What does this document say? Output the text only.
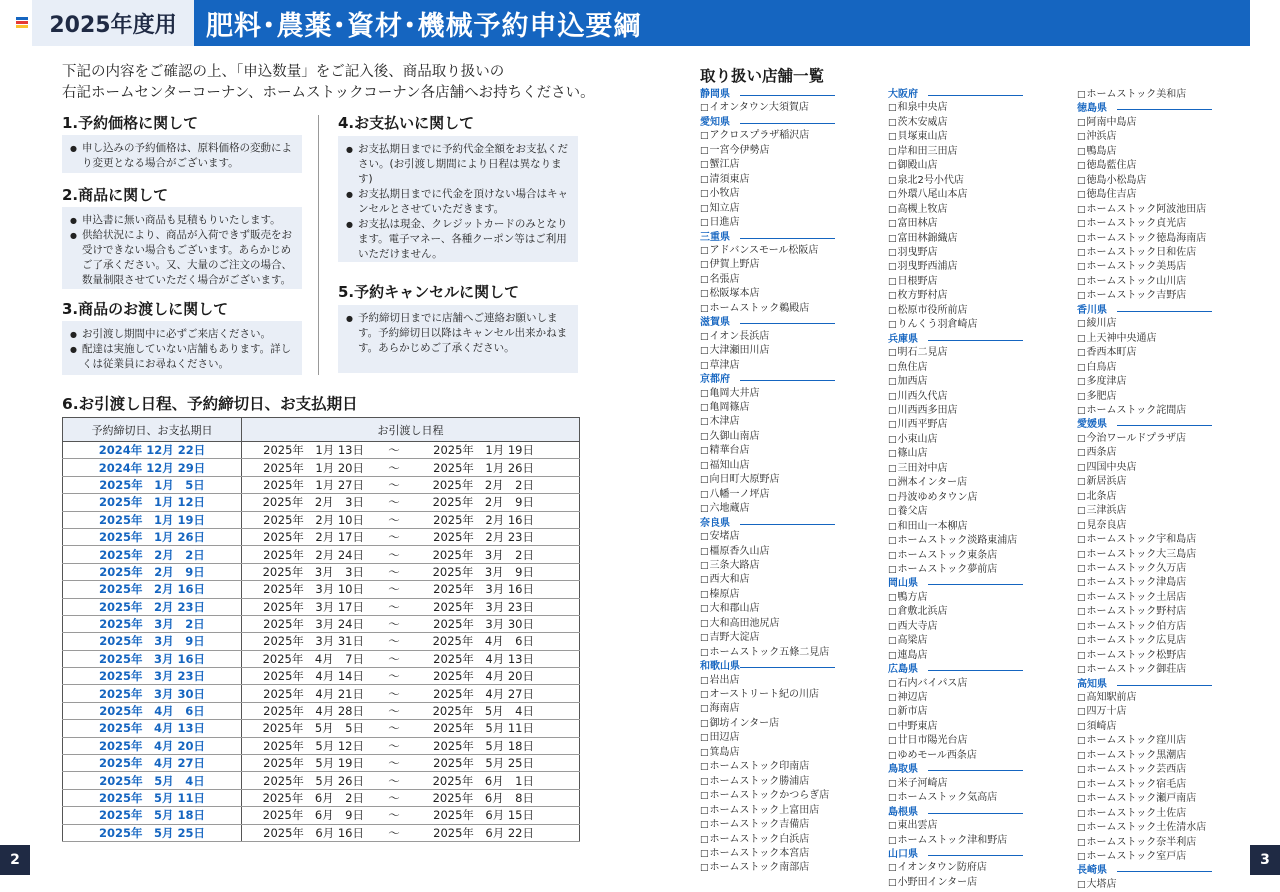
2025年度用	肥料･農薬･資材･機械予約申込要綱
下記の内容をご確認の上、「申込数量」をご記入後、商品取り扱いの
右記ホームセンターコーナン、ホームストックコーナン各店舗へお持ちください。
1.予約価格に関して
● 申し込みの予約価格は、原料価格の変動により変更となる場合がございます。
2.商品に関して
● 申込書に無い商品も見積もりいたします。
● 供給状況により、商品が入荷できず販売をお受けできない場合もございます。あらかじめご了承ください。又、大量のご注文の場合、数量制限させていただく場合がございます。
3.商品のお渡しに関して
● お引渡し期間中に必ずご来店ください。
● 配達は実施していない店舗もあります。詳しくは従業員にお尋ねください。
4.お支払いに関して
● お支払期日までに予約代金全額をお支払ください。(お引渡し期間により日程は異なります)
● お支払期日までに代金を頂けない場合はキャンセルとさせていただきます。
● お支払は現金、クレジットカードのみとなります。電子マネー、各種クーポン等はご利用いただけません。
5.予約キャンセルに関して
● 予約締切日までに店舗へご連絡お願いします。予約締切日以降はキャンセル出来かねます。あらかじめご了承ください。
6.お引渡し日程、予約締切日、お支払期日
予約締切日、お支払期日	お引渡し日程
2024年 12月 22日	2025年　1月 13日 〜 2025年　1月 19日

2024年 12月 29日	2025年　1月 20日 〜 2025年　1月 26日

2025年　1月　5日	2025年　1月 27日 〜 2025年　2月　2日

2025年　1月 12日	2025年　2月　3日 〜 2025年　2月　9日

2025年　1月 19日	2025年　2月 10日 〜 2025年　2月 16日

2025年　1月 26日	2025年　2月 17日 〜 2025年　2月 23日

2025年　2月　2日	2025年　2月 24日 〜 2025年　3月　2日

2025年　2月　9日	2025年　3月　3日 〜 2025年　3月　9日

2025年　2月 16日	2025年　3月 10日 〜 2025年　3月 16日

2025年　2月 23日	2025年　3月 17日 〜 2025年　3月 23日

2025年　3月　2日	2025年　3月 24日 〜 2025年　3月 30日

2025年　3月　9日	2025年　3月 31日 〜 2025年　4月　6日

2025年　3月 16日	2025年　4月　7日 〜 2025年　4月 13日

2025年　3月 23日	2025年　4月 14日 〜 2025年　4月 20日

2025年　3月 30日	2025年　4月 21日 〜 2025年　4月 27日

2025年　4月　6日	2025年　4月 28日 〜 2025年　5月　4日

2025年　4月 13日	2025年　5月　5日 〜 2025年　5月 11日

2025年　4月 20日	2025年　5月 12日 〜 2025年　5月 18日

2025年　4月 27日	2025年　5月 19日 〜 2025年　5月 25日

2025年　5月　4日	2025年　5月 26日 〜 2025年　6月　1日

2025年　5月 11日	2025年　6月　2日 〜 2025年　6月　8日

2025年　5月 18日	2025年　6月　9日 〜 2025年　6月 15日

2025年　5月 25日	2025年　6月 16日 〜 2025年　6月 22日
取り扱い店舗一覧
静岡県
□ イオンタウン大須賀店
愛知県
□ アクロスプラザ稲沢店
□ 一宮今伊勢店
□ 蟹江店
□ 清須東店
□ 小牧店
□ 知立店
□ 日進店
三重県
□ アドバンスモール松阪店
□ 伊賀上野店
□ 名張店
□ 松阪塚本店
□ ホームストック鵜殿店
滋賀県
□ イオン長浜店
□ 大津瀬田川店
□ 草津店
京都府
□ 亀岡大井店
□ 亀岡篠店
□ 木津店
□ 久御山南店
□ 精華台店
□ 福知山店
□ 向日町大原野店
□ 八幡一ノ坪店
□ 六地蔵店
奈良県
□ 安堵店
□ 橿原香久山店
□ 三条大路店
□ 西大和店
□ 榛原店
□ 大和郡山店
□ 大和高田池尻店
□ 吉野大淀店
□ ホームストック五條二見店
和歌山県
□ 岩出店
□ オーストリート紀の川店
□ 海南店
□ 御坊インター店
□ 田辺店
□ 箕島店
□ ホームストック印南店
□ ホームストック勝浦店
□ ホームストックかつらぎ店
□ ホームストック上富田店
□ ホームストック吉備店
□ ホームストック白浜店
□ ホームストック本宮店
□ ホームストック南部店
大阪府
□ 和泉中央店
□ 茨木安威店
□ 貝塚東山店
□ 岸和田三田店
□ 御殿山店
□ 泉北2号小代店
□ 外環八尾山本店
□ 高槻上牧店
□ 富田林店
□ 富田林錦織店
□ 羽曳野店
□ 羽曳野西浦店
□ 日根野店
□ 枚方野村店
□ 松原市役所前店
□ りんくう羽倉崎店
兵庫県
□ 明石二見店
□ 魚住店
□ 加西店
□ 川西久代店
□ 川西西多田店
□ 川西平野店
□ 小束山店
□ 篠山店
□ 三田対中店
□ 洲本インター店
□ 丹波ゆめタウン店
□ 養父店
□ 和田山一本柳店
□ ホームストック淡路東浦店
□ ホームストック東条店
□ ホームストック夢前店
岡山県
□ 鴨方店
□ 倉敷北浜店
□ 西大寺店
□ 高梁店
□ 連島店
広島県
□ 石内バイパス店
□ 神辺店
□ 新市店
□ 中野東店
□ 廿日市陽光台店
□ ゆめモール西条店
鳥取県
□ 米子河崎店
□ ホームストック気高店
島根県
□ 東出雲店
□ ホームストック津和野店
山口県
□ イオンタウン防府店
□ 小野田インター店
□ ホームストック美和店
徳島県
□ 阿南中島店
□ 沖浜店
□ 鴨島店
□ 徳島藍住店
□ 徳島小松島店
□ 徳島住吉店
□ ホームストック阿波池田店
□ ホームストック貞光店
□ ホームストック徳島海南店
□ ホームストック日和佐店
□ ホームストック美馬店
□ ホームストック山川店
□ ホームストック吉野店
香川県
□ 綾川店
□ 上天神中央通店
□ 香西本町店
□ 白鳥店
□ 多度津店
□ 多肥店
□ ホームストック詫間店
愛媛県
□ 今治ワールドプラザ店
□ 西条店
□ 四国中央店
□ 新居浜店
□ 北条店
□ 三津浜店
□ 見奈良店
□ ホームストック宇和島店
□ ホームストック大三島店
□ ホームストック久万店
□ ホームストック津島店
□ ホームストック土居店
□ ホームストック野村店
□ ホームストック伯方店
□ ホームストック広見店
□ ホームストック松野店
□ ホームストック御荘店
高知県
□ 高知駅前店
□ 四万十店
□ 須崎店
□ ホームストック窪川店
□ ホームストック黒潮店
□ ホームストック芸西店
□ ホームストック宿毛店
□ ホームストック瀬戸南店
□ ホームストック土佐店
□ ホームストック土佐清水店
□ ホームストック奈半利店
□ ホームストック室戸店
長崎県
□ 大塔店
2	3
